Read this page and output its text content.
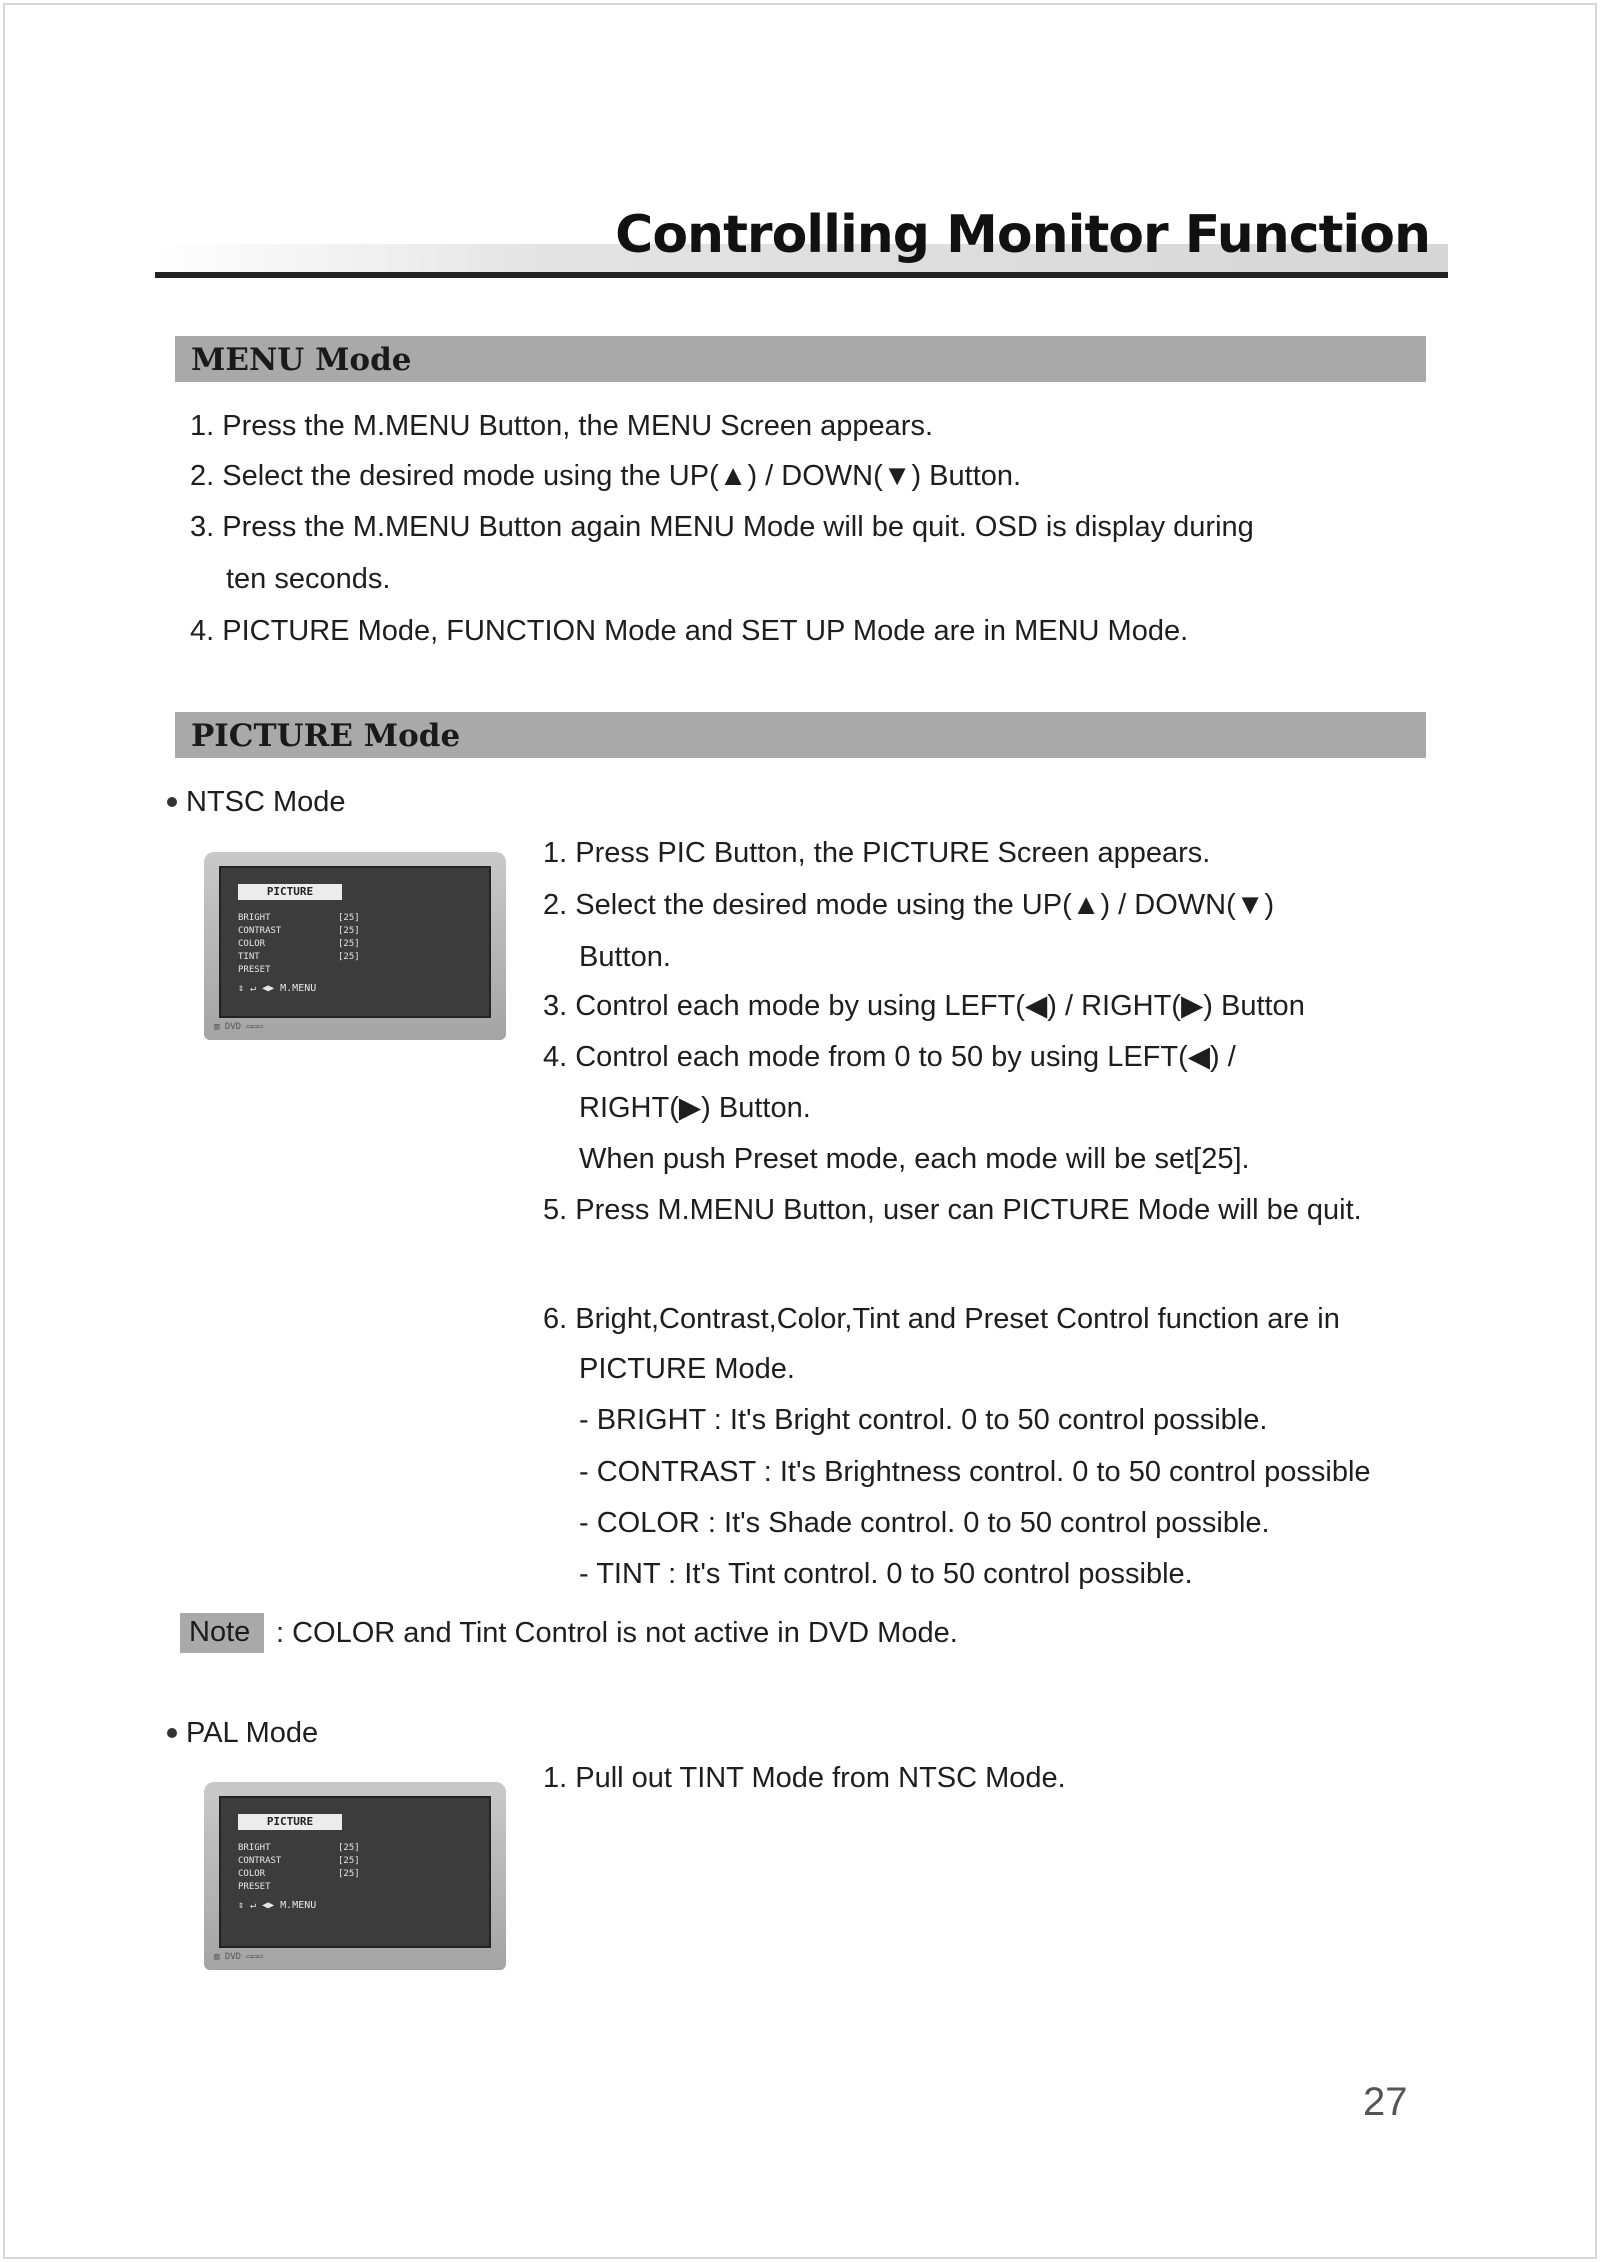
Controlling Monitor Function
MENU Mode
1. Press the M.MENU Button, the MENU Screen appears.
2. Select the desired mode using the UP(▲) / DOWN(▼) Button.
3. Press the M.MENU Button again MENU Mode will be quit. OSD is display during
ten seconds.
4. PICTURE Mode, FUNCTION Mode and SET UP Mode are in MENU Mode.
PICTURE Mode
NTSC Mode
PICTURE
BRIGHT
CONTRAST
COLOR
TINT
PRESET
[25]
[25]
[25]
[25]
⇕ ↵ ◀▶ M.MENU
▥ DVD ▭▭▭
1. Press PIC Button, the PICTURE Screen appears.
2. Select the desired mode using the UP(▲) / DOWN(▼)
Button.
3. Control each mode by using LEFT(◀) / RIGHT(▶) Button
4. Control each mode from 0 to 50 by using LEFT(◀) /
RIGHT(▶) Button.
When push Preset mode, each mode will be set[25].
5. Press M.MENU Button, user can PICTURE Mode will be quit.
6. Bright,Contrast,Color,Tint and Preset Control function are in
PICTURE Mode.
- BRIGHT : It's Bright control. 0 to 50 control possible.
- CONTRAST : It's Brightness control. 0 to 50 control possible
- COLOR : It's Shade control. 0 to 50 control possible.
- TINT : It's Tint control. 0 to 50 control possible.
Note : COLOR and Tint Control is not active in DVD Mode.
PAL Mode
PICTURE
BRIGHT
CONTRAST
COLOR
PRESET
[25]
[25]
[25]
⇕ ↵ ◀▶ M.MENU
▥ DVD ▭▭▭
1. Pull out TINT Mode from NTSC Mode.
27
